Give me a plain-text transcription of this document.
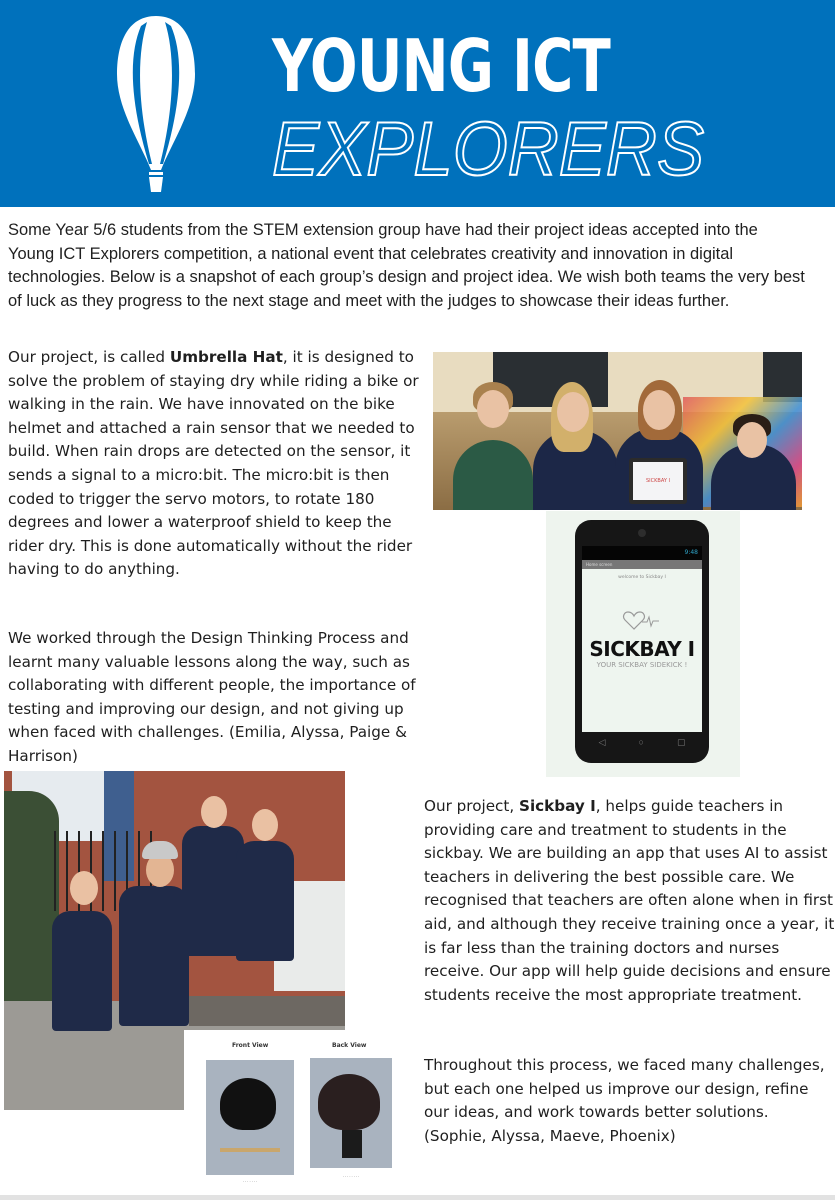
YOUNG ICT
EXPLORERS

Some Year 5/6 students from the STEM extension group have had their project ideas accepted into the Young ICT Explorers competition, a national event that celebrates creativity and innovation in digital technologies. Below is a snapshot of each group’s design and project idea. We wish both teams the very best of luck as they progress to the next stage and meet with the judges to showcase their ideas further.

Our project, is called Umbrella Hat, it is designed to solve the problem of staying dry while riding a bike or walking in the rain. We have innovated on the bike helmet and attached a rain sensor that we needed to build. When rain drops are detected on the sensor, it sends a signal to a micro:bit. The micro:bit is then coded to trigger the servo motors, to rotate 180 degrees and lower a waterproof shield to keep the rider dry. This is done automatically without the rider having to do anything.

We worked through the Design Thinking Process and learnt many valuable lessons along the way, such as collaborating with different people, the importance of testing and improving our design, and not giving up when faced with challenges. (Emilia, Alyssa, Paige & Harrison)

SICKBAY I
9:48
Home screen
welcome to Sickbay I
SICKBAY I
YOUR SICKBAY SIDEKICK !
◁	○	▢
Front View	Back View
· · · · · · ·
· · · · · · · ·

Our project, Sickbay I, helps guide teachers in providing care and treatment to students in the sickbay. We are building an app that uses AI to assist teachers in delivering the best possible care. We recognised that teachers are often alone when in first aid, and although they receive training once a year, it is far less than the training doctors and nurses receive. Our app will help guide decisions and ensure students receive the most appropriate treatment.

Throughout this process, we faced many challenges, but each one helped us improve our design, refine our ideas, and work towards better solutions. (Sophie, Alyssa, Maeve, Phoenix)
